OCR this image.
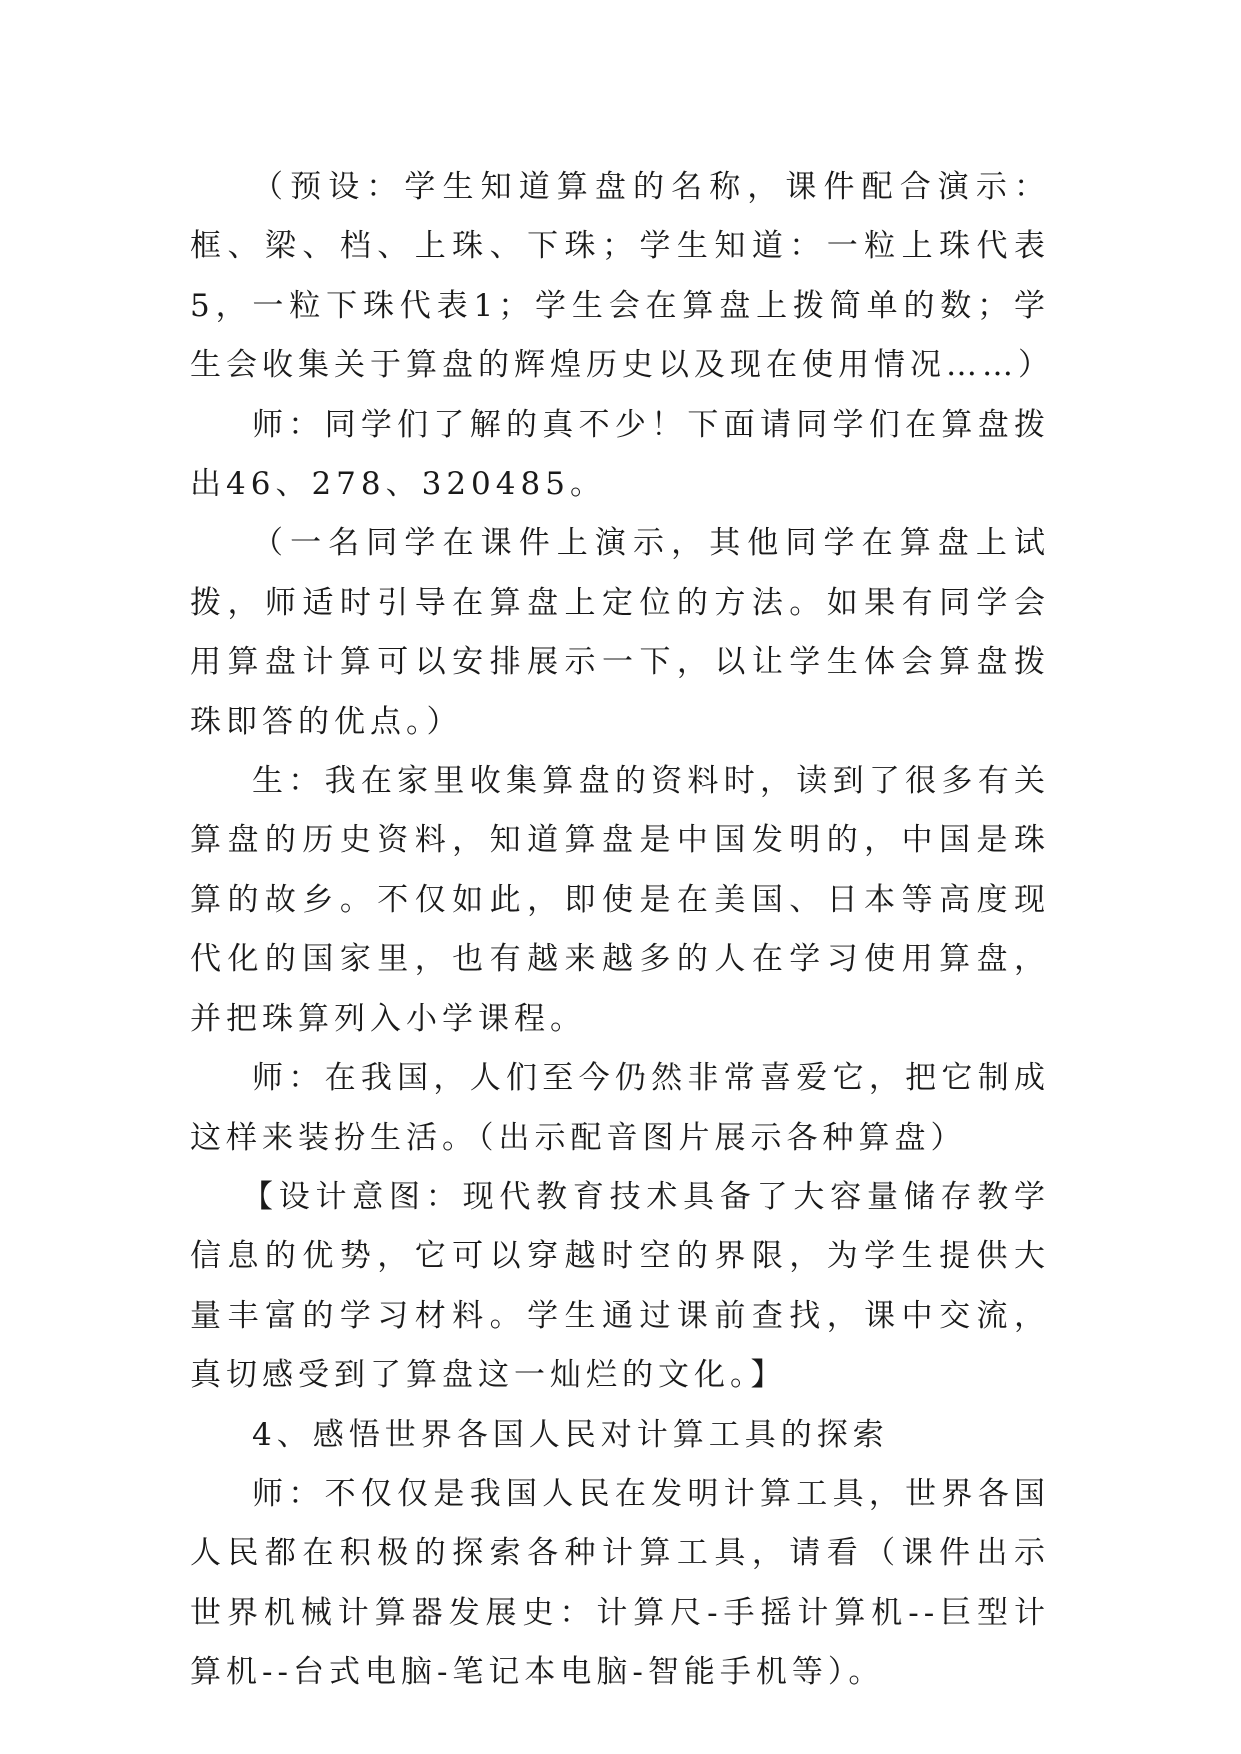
（预设：学生知道算盘的名称，课件配合演示：框、梁、档、上珠、下珠；学生知道：一粒上珠代表5，一粒下珠代表1；学生会在算盘上拨简单的数；学生会收集关于算盘的辉煌历史以及现在使用情况……）

师：同学们了解的真不少！下面请同学们在算盘拨出46、278、320485。

（一名同学在课件上演示，其他同学在算盘上试拨，师适时引导在算盘上定位的方法。如果有同学会用算盘计算可以安排展示一下，以让学生体会算盘拨珠即答的优点。）

生：我在家里收集算盘的资料时，读到了很多有关算盘的历史资料，知道算盘是中国发明的，中国是珠算的故乡。不仅如此，即使是在美国、日本等高度现代化的国家里，也有越来越多的人在学习使用算盘，并把珠算列入小学课程。

师：在我国，人们至今仍然非常喜爱它，把它制成这样来装扮生活。（出示配音图片展示各种算盘）

【设计意图：现代教育技术具备了大容量储存教学信息的优势，它可以穿越时空的界限，为学生提供大量丰富的学习材料。学生通过课前查找，课中交流，真切感受到了算盘这一灿烂的文化。】

4、感悟世界各国人民对计算工具的探索

师：不仅仅是我国人民在发明计算工具，世界各国人民都在积极的探索各种计算工具，请看（课件出示世界机械计算器发展史：计算尺-手摇计算机--巨型计算机--台式电脑-笔记本电脑-智能手机等）。
